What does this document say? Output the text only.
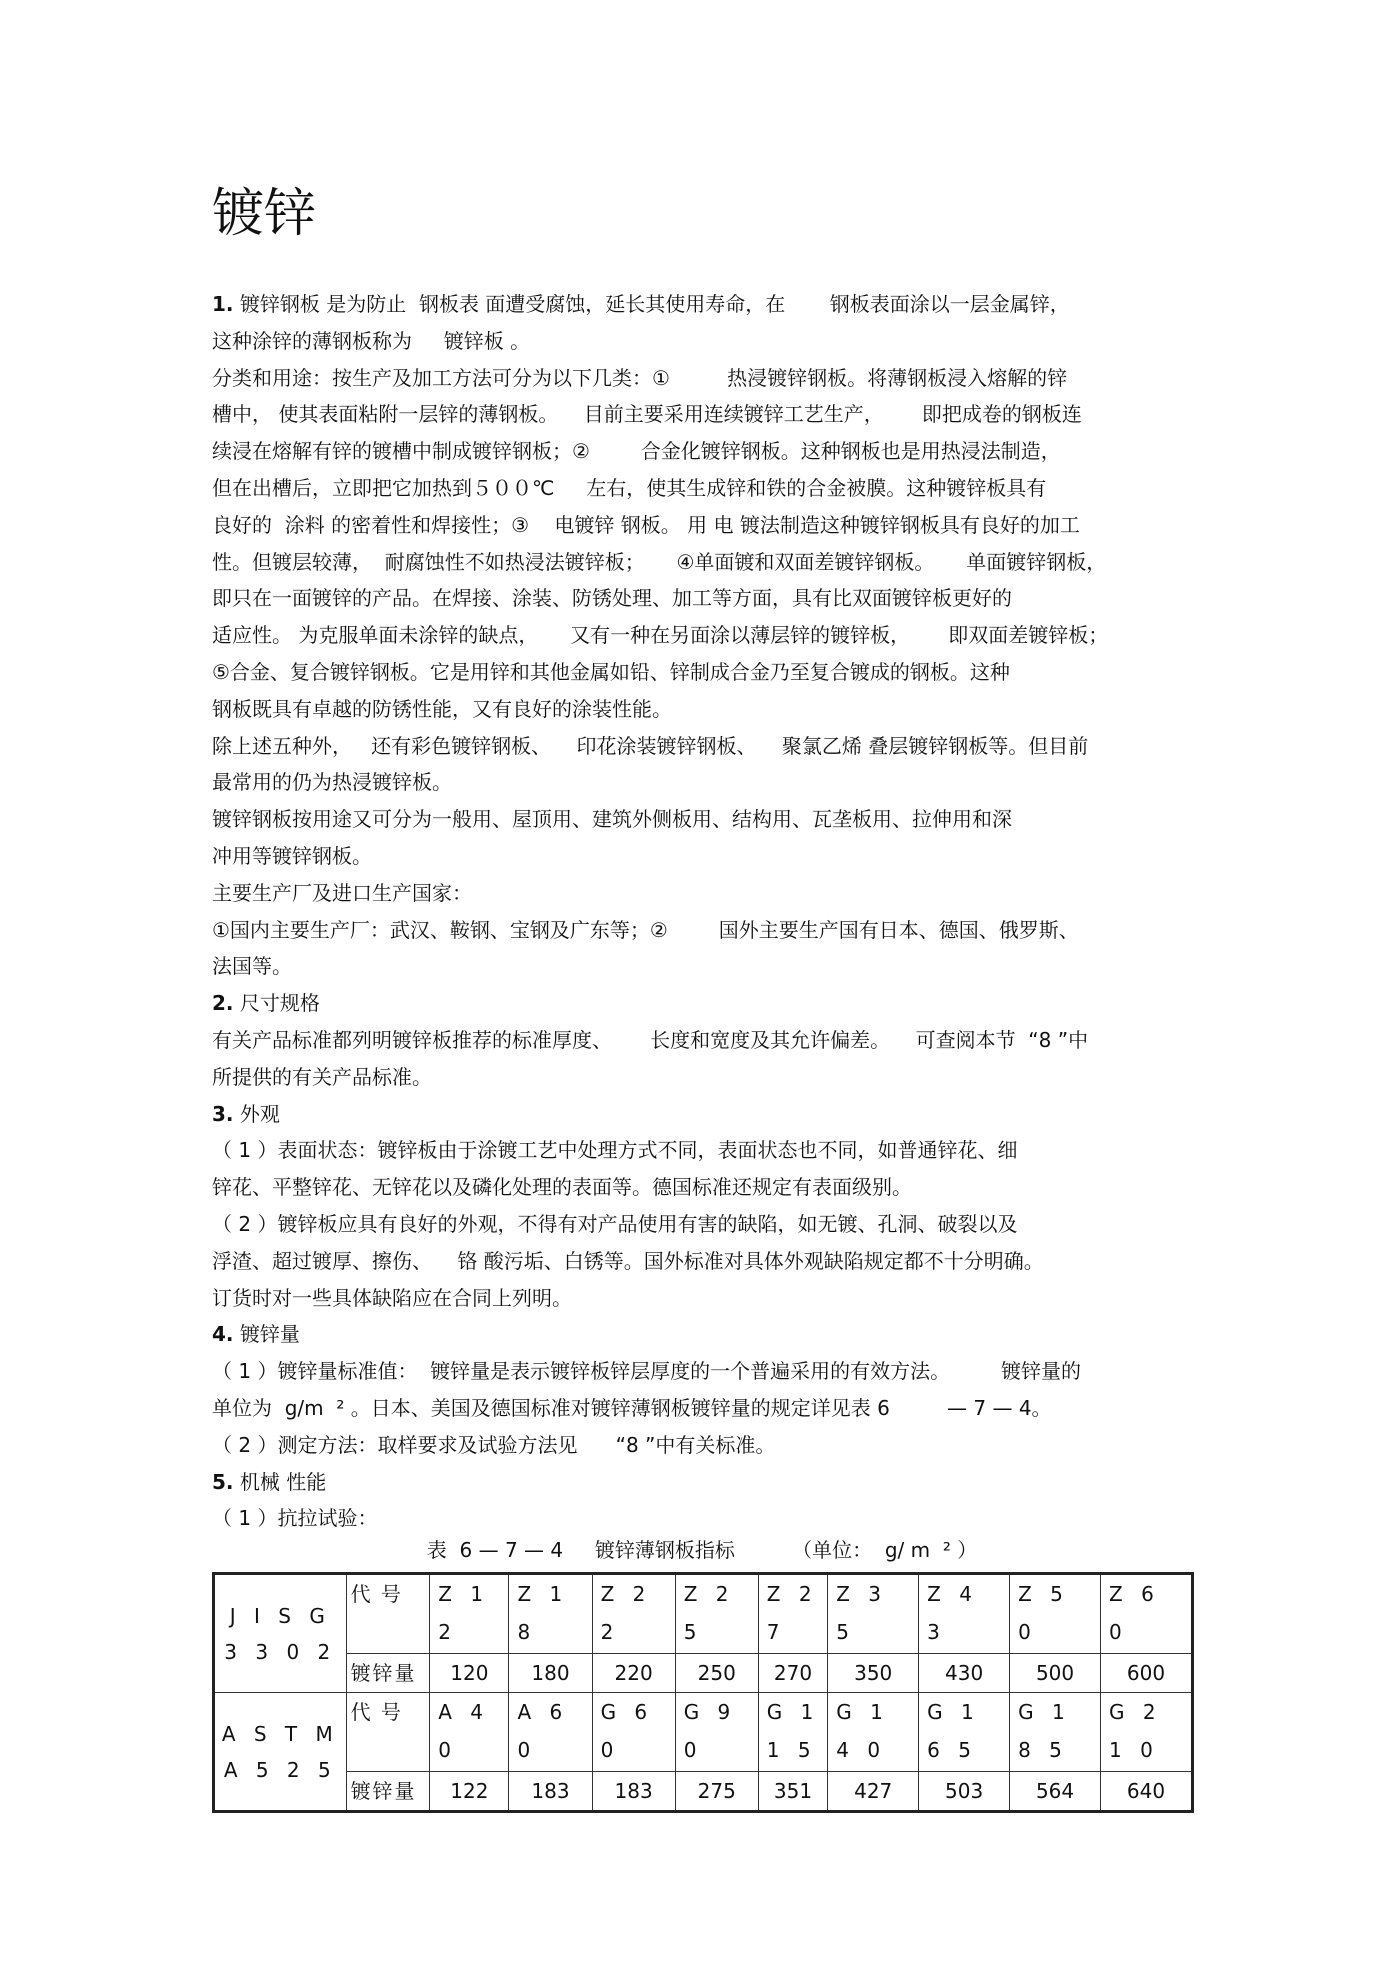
镀锌
1. 镀锌钢板 是为防止  钢板表 面遭受腐蚀，延长其使用寿命，在       钢板表面涂以一层金属锌，
这种涂锌的薄钢板称为     镀锌板 。
分类和用途：按生产及加工方法可分为以下几类：①         热浸镀锌钢板。将薄钢板浸入熔解的锌
槽中， 使其表面粘附一层锌的薄钢板。    目前主要采用连续镀锌工艺生产，      即把成卷的钢板连
续浸在熔解有锌的镀槽中制成镀锌钢板；②        合金化镀锌钢板。这种钢板也是用热浸法制造，
但在出槽后，立即把它加热到５００℃     左右，使其生成锌和铁的合金被膜。这种镀锌板具有
良好的  涂料 的密着性和焊接性；③    电镀锌 钢板。 用 电 镀法制造这种镀锌钢板具有良好的加工
性。但镀层较薄，  耐腐蚀性不如热浸法镀锌板；     ④单面镀和双面差镀锌钢板。     单面镀锌钢板，
即只在一面镀锌的产品。在焊接、涂装、防锈处理、加工等方面，具有比双面镀锌板更好的
适应性。 为克服单面未涂锌的缺点，     又有一种在另面涂以薄层锌的镀锌板，      即双面差镀锌板；
⑤合金、复合镀锌钢板。它是用锌和其他金属如铅、锌制成合金乃至复合镀成的钢板。这种
钢板既具有卓越的防锈性能，又有良好的涂装性能。
除上述五种外，   还有彩色镀锌钢板、    印花涂装镀锌钢板、    聚氯乙烯 叠层镀锌钢板等。但目前
最常用的仍为热浸镀锌板。
镀锌钢板按用途又可分为一般用、屋顶用、建筑外侧板用、结构用、瓦垄板用、拉伸用和深
冲用等镀锌钢板。
主要生产厂及进口生产国家：
①国内主要生产厂：武汉、鞍钢、宝钢及广东等；②        国外主要生产国有日本、德国、俄罗斯、
法国等。
2. 尺寸规格
有关产品标准都列明镀锌板推荐的标准厚度、      长度和宽度及其允许偏差。    可查阅本节  “8 ”中
所提供的有关产品标准。
3. 外观
（ 1 ）表面状态：镀锌板由于涂镀工艺中处理方式不同，表面状态也不同，如普通锌花、细
锌花、平整锌花、无锌花以及磷化处理的表面等。德国标准还规定有表面级别。
（ 2 ）镀锌板应具有良好的外观，不得有对产品使用有害的缺陷，如无镀、孔洞、破裂以及
浮渣、超过镀厚、擦伤、    铬 酸污垢、白锈等。国外标准对具体外观缺陷规定都不十分明确。
订货时对一些具体缺陷应在合同上列明。
4. 镀锌量
（ 1 ）镀锌量标准值：  镀锌量是表示镀锌板锌层厚度的一个普遍采用的有效方法。        镀锌量的
单位为  g/m  ² 。日本、美国及德国标准对镀锌薄钢板镀锌量的规定详见表 6         — 7 — 4。
（ 2 ）测定方法：取样要求及试验方法见      “8 ”中有关标准。
5. 机械 性能
（ 1 ）抗拉试验：
表  6 — 7 — 4     镀锌薄钢板指标         （单位：  g/ m  ² ）
J I S G 3 3 0 2	代 号	Z 1 2	Z 1 8	Z 2 2	Z 2 5	Z 2 7	Z 3 5	Z 4 3	Z 5 0	Z 6 0
	镀锌量	120	180	220	250	270	350	430	500	600
A S T M A 5 2 5	代 号	A 4 0	A 6 0	G 6 0	G 9 0	G 1 1 5	G 1 4 0	G 1 6 5	G 1 8 5	G 2 1 0
	镀锌量	122	183	183	275	351	427	503	564	640
